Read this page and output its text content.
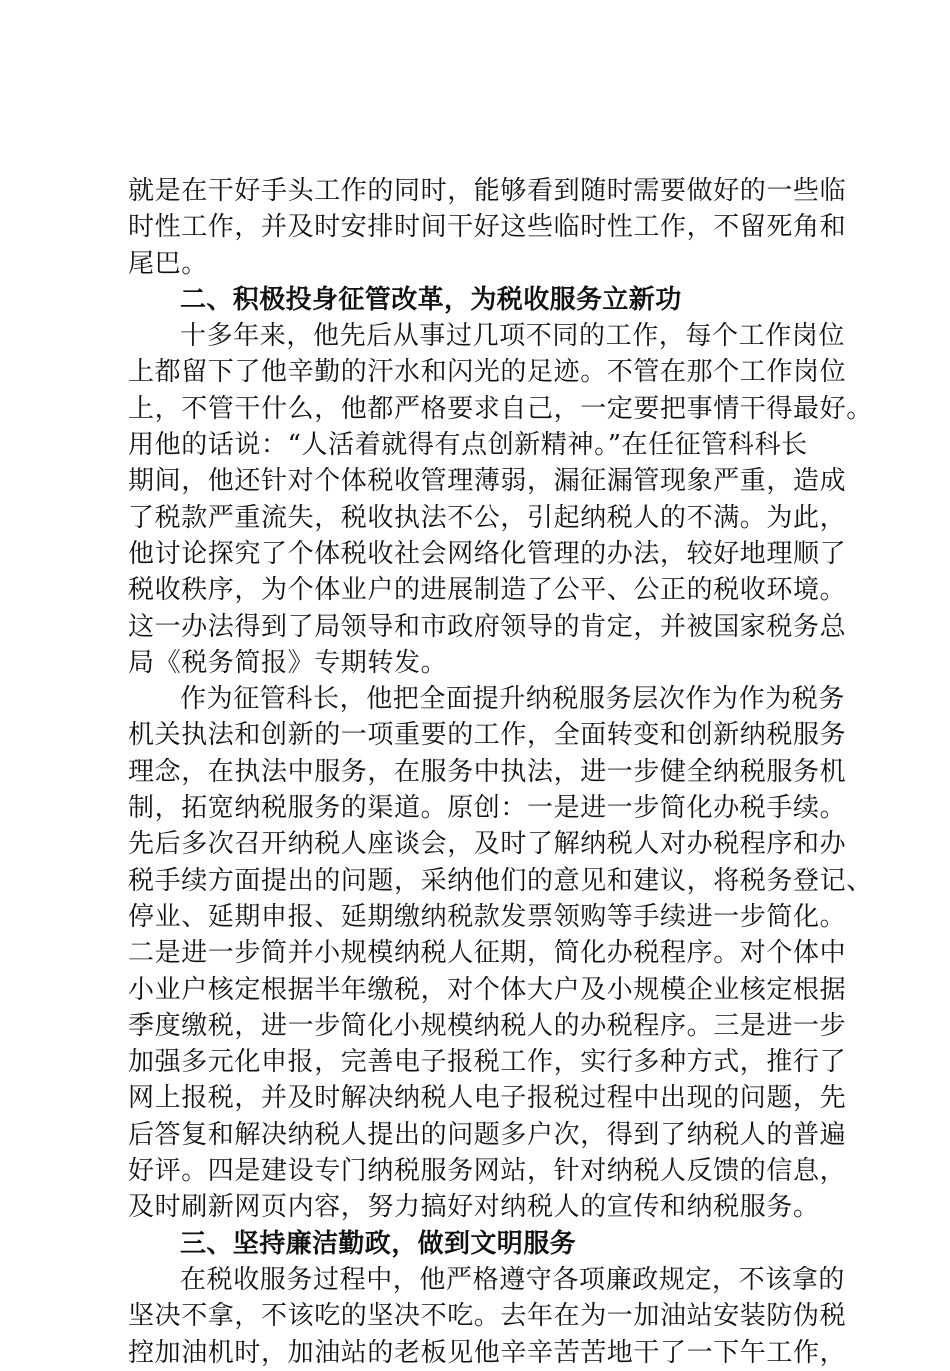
就是在干好手头工作的同时，能够看到随时需要做好的一些临
时性工作，并及时安排时间干好这些临时性工作，不留死角和
尾巴。
二、积极投身征管改革，为税收服务立新功
十多年来，他先后从事过几项不同的工作，每个工作岗位
上都留下了他辛勤的汗水和闪光的足迹。不管在那个工作岗位
上，不管干什么，他都严格要求自己，一定要把事情干得最好。
用他的话说：“人活着就得有点创新精神。”在任征管科科长
期间，他还针对个体税收管理薄弱，漏征漏管现象严重，造成
了税款严重流失，税收执法不公，引起纳税人的不满。为此，
他讨论探究了个体税收社会网络化管理的办法，较好地理顺了
税收秩序，为个体业户的进展制造了公平、公正的税收环境。
这一办法得到了局领导和市政府领导的肯定，并被国家税务总
局《税务简报》专期转发。
作为征管科长，他把全面提升纳税服务层次作为作为税务
机关执法和创新的一项重要的工作，全面转变和创新纳税服务
理念，在执法中服务，在服务中执法，进一步健全纳税服务机
制，拓宽纳税服务的渠道。原创：一是进一步简化办税手续。
先后多次召开纳税人座谈会，及时了解纳税人对办税程序和办
税手续方面提出的问题，采纳他们的意见和建议，将税务登记、
停业、延期申报、延期缴纳税款发票领购等手续进一步简化。
二是进一步简并小规模纳税人征期，简化办税程序。对个体中
小业户核定根据半年缴税，对个体大户及小规模企业核定根据
季度缴税，进一步简化小规模纳税人的办税程序。三是进一步
加强多元化申报，完善电子报税工作，实行多种方式，推行了
网上报税，并及时解决纳税人电子报税过程中出现的问题，先
后答复和解决纳税人提出的问题多户次，得到了纳税人的普遍
好评。四是建设专门纳税服务网站，针对纳税人反馈的信息，
及时刷新网页内容，努力搞好对纳税人的宣传和纳税服务。
三、坚持廉洁勤政，做到文明服务
在税收服务过程中，他严格遵守各项廉政规定，不该拿的
坚决不拿，不该吃的坚决不吃。去年在为一加油站安装防伪税
控加油机时，加油站的老板见他辛辛苦苦地干了一下午工作，
